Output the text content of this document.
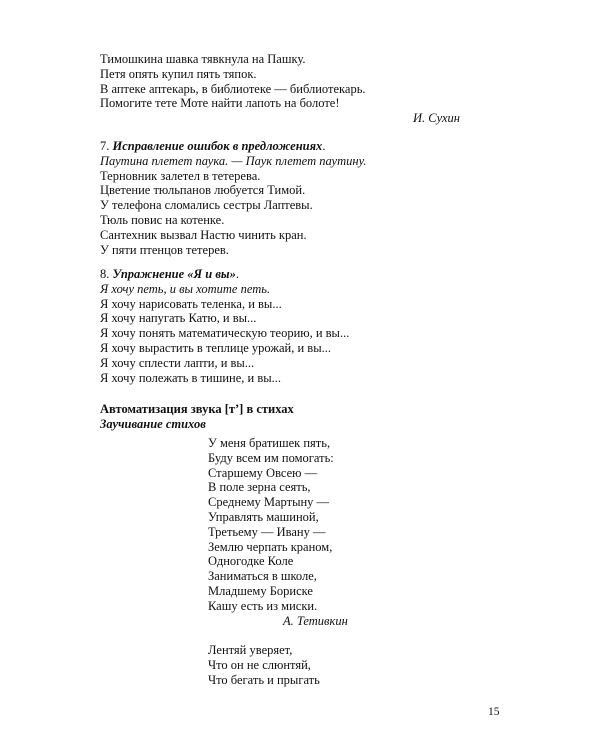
Тимошкина шавка тявкнула на Пашку.
Петя опять купил пять тяпок.
В аптеке аптекарь, в библиотеке — библиотекарь.
Помогите тете Моте найти лапоть на болоте!
И. Сухин
7. Исправление ошибок в предложениях.
Паутина плетет паука. — Паук плетет паутину.
Терновник залетел в тетерева.
Цветение тюльпанов любуется Тимой.
У телефона сломались сестры Лаптевы.
Тюль повис на котенке.
Сантехник вызвал Настю чинить кран.
У пяти птенцов тетерев.
8. Упражнение «Я и вы».
Я хочу петь, и вы хотите петь.
Я хочу нарисовать теленка, и вы...
Я хочу напугать Катю, и вы...
Я хочу понять математическую теорию, и вы...
Я хочу вырастить в теплице урожай, и вы...
Я хочу сплести лапти, и вы...
Я хочу полежать в тишине, и вы...
Автоматизация звука [т’] в стихах
Заучивание стихов
У меня братишек пять,
Буду всем им помогать:
Старшему Овсею —
В поле зерна сеять,
Среднему Мартыну —
Управлять машиной,
Третьему — Ивану —
Землю черпать краном,
Одногодке Коле
Заниматься в школе,
Младшему Бориске
Кашу есть из миски.
А. Тетивкин
Лентяй уверяет,
Что он не слюнтяй,
Что бегать и прыгать
15
